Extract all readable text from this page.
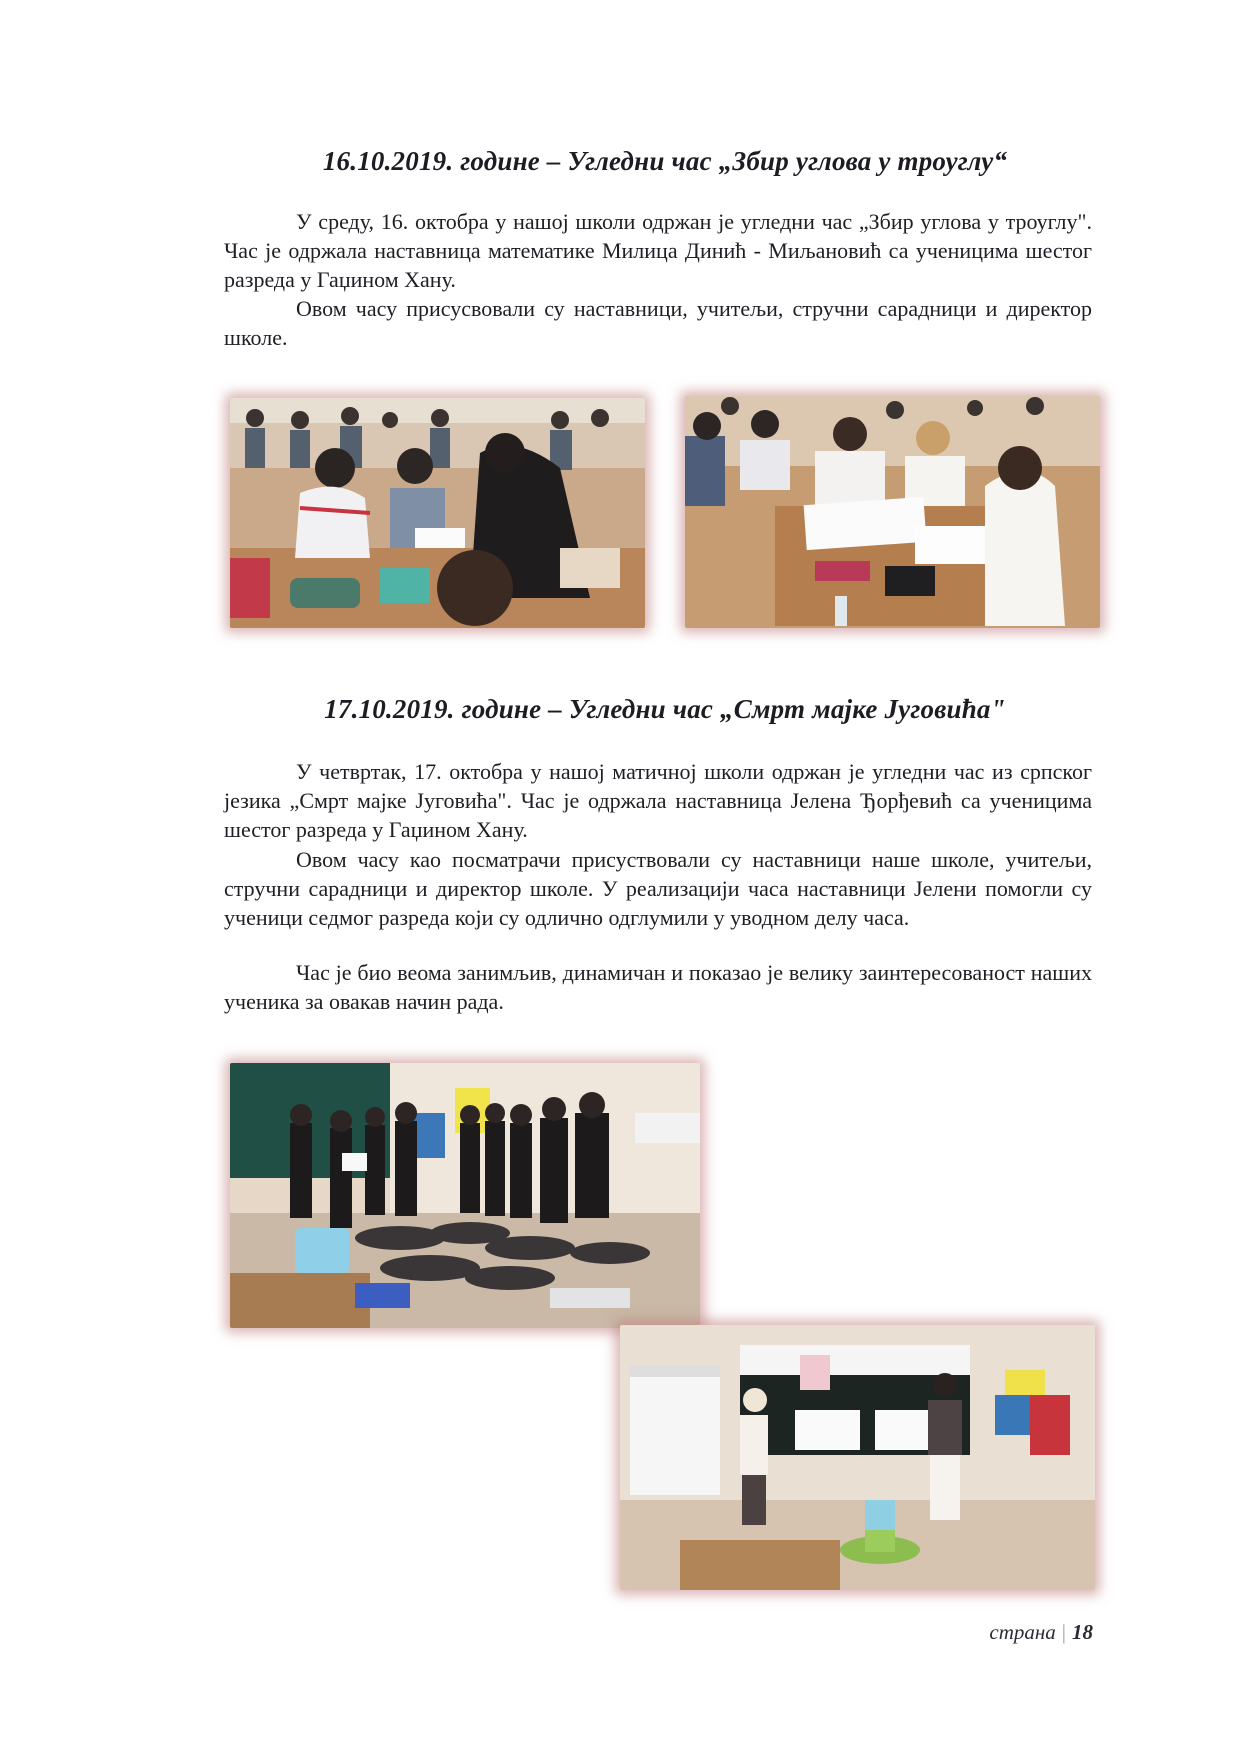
16.10.2019. године – Угледни час „Збир углова у троуглу“

У среду, 16. октобра у нашој школи одржан је угледни час „Збир углова у троуглу". Час је одржала наставница математике Милица Динић - Миљановић са ученицима шестог разреда у Гаџином Хану.

Овом часу присусвовали су наставници, учитељи, стручни сарадници и директор школе.

17.10.2019. године – Угледни час „Смрт мајке Југовића"

У четвртак, 17. октобра у нашој матичној школи одржан је угледни час из српског језика „Смрт мајке Југовића". Час је одржала наставница Јелена Ђорђевић са ученицима шестог разреда у Гаџином Хану.

Овом часу као посматрачи присуствовали су наставници наше школе, учитељи, стручни сарадници и директор школе. У реализацији часа наставници Јелени помогли су ученици седмог разреда који су одлично одглумили у уводном делу часа.

Час је био веома занимљив, динамичан и показао је велику заинтересованост наших ученика за овакав начин рада.

страна | 18
